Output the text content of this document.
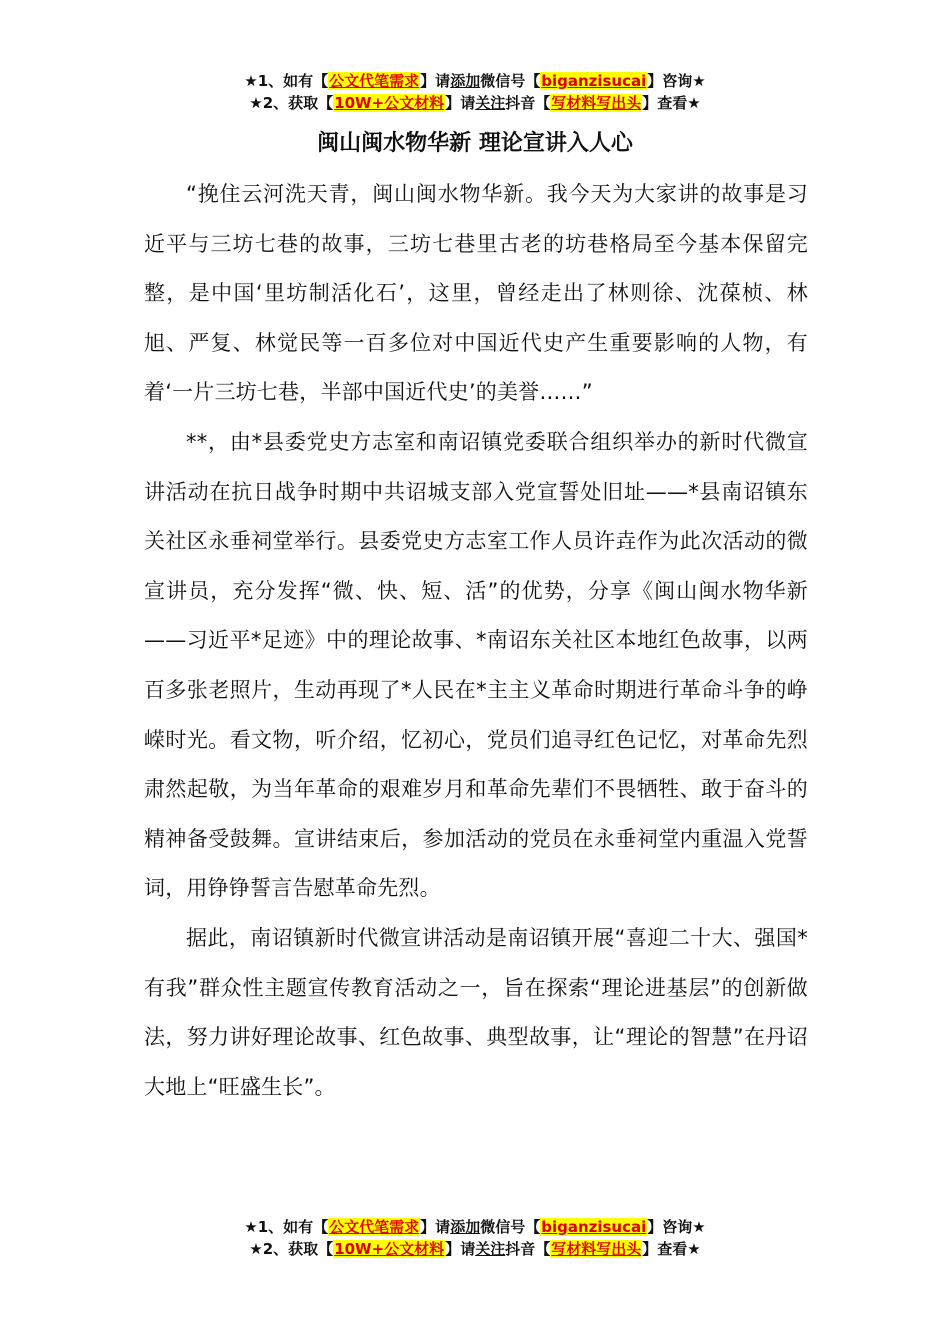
★1、如有【公文代笔需求】请添加微信号【biganzisucai】咨询★
★2、获取【10W+公文材料】请关注抖音【写材料写出头】查看★
闽山闽水物华新 理论宣讲入人心

“挽住云河洗天青，闽山闽水物华新。我今天为大家讲的故事是习近平与三坊七巷的故事，三坊七巷里古老的坊巷格局至今基本保留完整，是中国‘里坊制活化石’，这里，曾经走出了林则徐、沈葆桢、林旭、严复、林觉民等一百多位对中国近代史产生重要影响的人物，有着‘一片三坊七巷，半部中国近代史’的美誉……”

**，由*县委党史方志室和南诏镇党委联合组织举办的新时代微宣讲活动在抗日战争时期中共诏城支部入党宣誓处旧址——*县南诏镇东关社区永垂祠堂举行。县委党史方志室工作人员许垚作为此次活动的微宣讲员，充分发挥“微、快、短、活”的优势，分享《闽山闽水物华新——习近平*足迹》中的理论故事、*南诏东关社区本地红色故事，以两百多张老照片，生动再现了*人民在*主主义革命时期进行革命斗争的峥嵘时光。看文物，听介绍，忆初心，党员们追寻红色记忆，对革命先烈肃然起敬，为当年革命的艰难岁月和革命先辈们不畏牺牲、敢于奋斗的精神备受鼓舞。宣讲结束后，参加活动的党员在永垂祠堂内重温入党誓词，用铮铮誓言告慰革命先烈。

据此，南诏镇新时代微宣讲活动是南诏镇开展“喜迎二十大、强国*有我”群众性主题宣传教育活动之一，旨在探索“理论进基层”的创新做法，努力讲好理论故事、红色故事、典型故事，让“理论的智慧”在丹诏大地上“旺盛生长”。

★1、如有【公文代笔需求】请添加微信号【biganzisucai】咨询★
★2、获取【10W+公文材料】请关注抖音【写材料写出头】查看★
